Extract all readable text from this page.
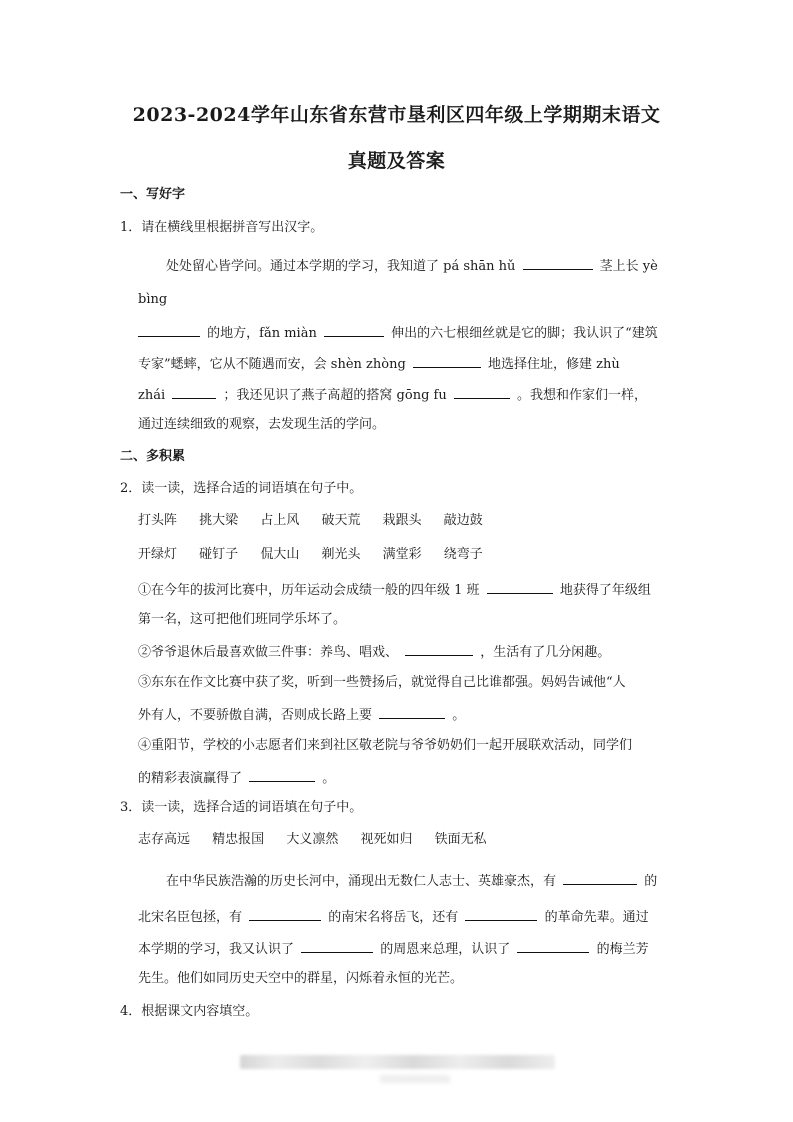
2023-2024学年山东省东营市垦利区四年级上学期期末语文
真题及答案
一、写好字
1．请在横线里根据拼音写出汉字。
处处留心皆学问。通过本学期的学习，我知道了 pá shān hǔ	茎上长 yè
bìng
的地方，fǎn miàn	伸出的六七根细丝就是它的脚；我认识了“建筑
专家”蟋蟀，它从不随遇而安，会 shèn zhòng	地选择住址，修建 zhù
zhái	；我还见识了燕子高超的搭窝 gōng fu	。我想和作家们一样，
通过连续细致的观察，去发现生活的学问。
二、多积累
2．读一读，选择合适的词语填在句子中。
打头阵 挑大梁 占上风 破天荒 栽跟头 敲边鼓
开绿灯 碰钉子 侃大山 剃光头 满堂彩 绕弯子
①在今年的拔河比赛中，历年运动会成绩一般的四年级 1 班	地获得了年级组
第一名，这可把他们班同学乐坏了。
②爷爷退休后最喜欢做三件事：养鸟、唱戏、	，生活有了几分闲趣。
③东东在作文比赛中获了奖，听到一些赞扬后，就觉得自己比谁都强。妈妈告诫他“人
外有人，不要骄傲自满，否则成长路上要	。
④重阳节，学校的小志愿者们来到社区敬老院与爷爷奶奶们一起开展联欢活动，同学们
的精彩表演赢得了	。
3．读一读，选择合适的词语填在句子中。
志存高远 精忠报国 大义凛然 视死如归 铁面无私
在中华民族浩瀚的历史长河中，涌现出无数仁人志士、英雄豪杰，有	的
北宋名臣包拯，有	的南宋名将岳飞，还有	的革命先辈。通过
本学期的学习，我又认识了	的周恩来总理，认识了	的梅兰芳
先生。他们如同历史天空中的群星，闪烁着永恒的光芒。
4．根据课文内容填空。
